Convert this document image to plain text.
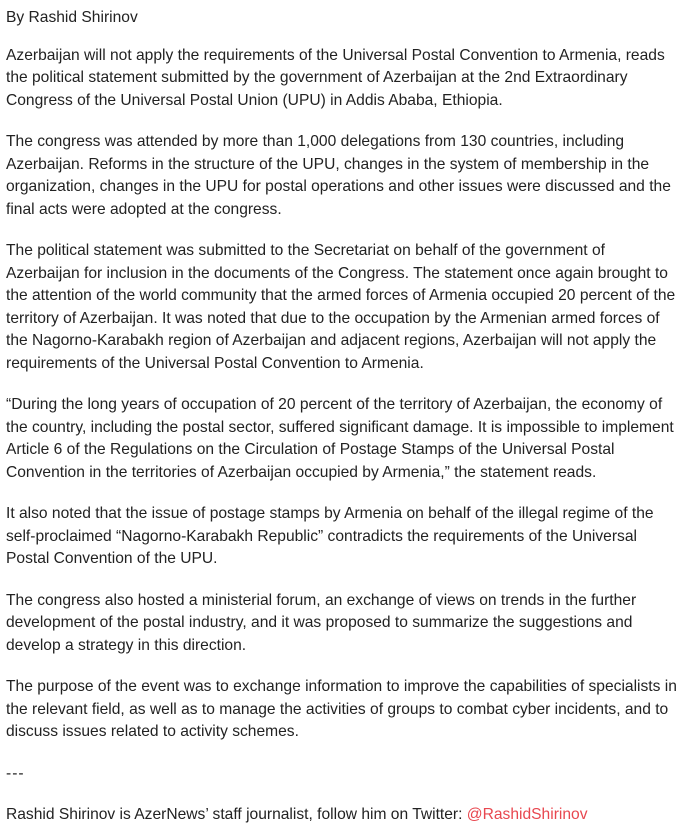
By Rashid Shirinov

Azerbaijan will not apply the requirements of the Universal Postal Convention to Armenia, reads the political statement submitted by the government of Azerbaijan at the 2nd Extraordinary Congress of the Universal Postal Union (UPU) in Addis Ababa, Ethiopia.

The congress was attended by more than 1,000 delegations from 130 countries, including Azerbaijan. Reforms in the structure of the UPU, changes in the system of membership in the organization, changes in the UPU for postal operations and other issues were discussed and the final acts were adopted at the congress.

The political statement was submitted to the Secretariat on behalf of the government of Azerbaijan for inclusion in the documents of the Congress. The statement once again brought to the attention of the world community that the armed forces of Armenia occupied 20 percent of the territory of Azerbaijan. It was noted that due to the occupation by the Armenian armed forces of the Nagorno-Karabakh region of Azerbaijan and adjacent regions, Azerbaijan will not apply the requirements of the Universal Postal Convention to Armenia.

“During the long years of occupation of 20 percent of the territory of Azerbaijan, the economy of the country, including the postal sector, suffered significant damage. It is impossible to implement Article 6 of the Regulations on the Circulation of Postage Stamps of the Universal Postal Convention in the territories of Azerbaijan occupied by Armenia,” the statement reads.

It also noted that the issue of postage stamps by Armenia on behalf of the illegal regime of the self-proclaimed “Nagorno-Karabakh Republic” contradicts the requirements of the Universal Postal Convention of the UPU.

The congress also hosted a ministerial forum, an exchange of views on trends in the further development of the postal industry, and it was proposed to summarize the suggestions and develop a strategy in this direction.

The purpose of the event was to exchange information to improve the capabilities of specialists in the relevant field, as well as to manage the activities of groups to combat cyber incidents, and to discuss issues related to activity schemes.

---

Rashid Shirinov is AzerNews’ staff journalist, follow him on Twitter: @RashidShirinov
